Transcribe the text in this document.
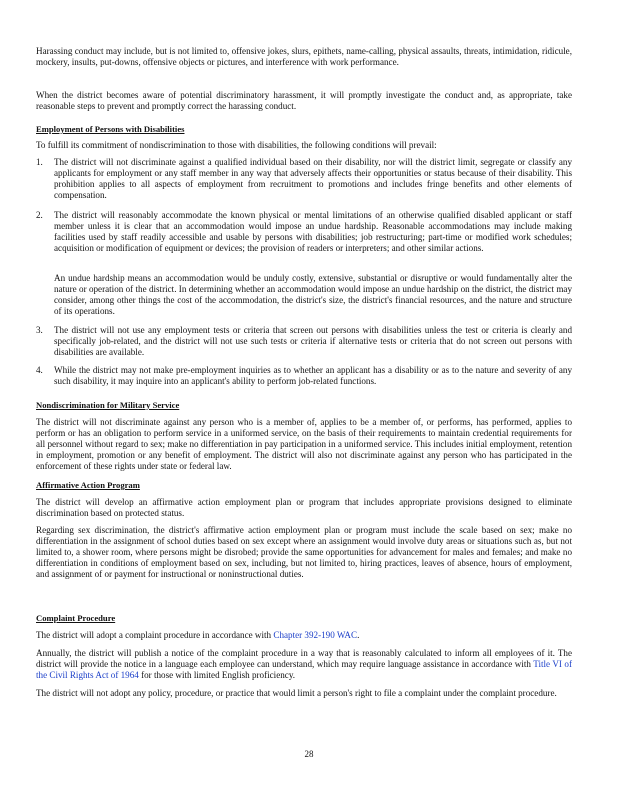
Harassing conduct may include, but is not limited to, offensive jokes, slurs, epithets, name-calling, physical assaults, threats, intimidation, ridicule, mockery, insults, put-downs, offensive objects or pictures, and interference with work performance.

When the district becomes aware of potential discriminatory harassment, it will promptly investigate the conduct and, as appropriate, take reasonable steps to prevent and promptly correct the harassing conduct.

Employment of Persons with Disabilities

To fulfill its commitment of nondiscrimination to those with disabilities, the following conditions will prevail:

1.	The district will not discriminate against a qualified individual based on their disability, nor will the district limit, segregate or classify any applicants for employment or any staff member in any way that adversely affects their opportunities or status because of their disability. This prohibition applies to all aspects of employment from recruitment to promotions and includes fringe benefits and other elements of compensation.

2.	The district will reasonably accommodate the known physical or mental limitations of an otherwise qualified disabled applicant or staff member unless it is clear that an accommodation would impose an undue hardship. Reasonable accommodations may include making facilities used by staff readily accessible and usable by persons with disabilities; job restructuring; part-time or modified work schedules; acquisition or modification of equipment or devices; the provision of readers or interpreters; and other similar actions.

An undue hardship means an accommodation would be unduly costly, extensive, substantial or disruptive or would fundamentally alter the nature or operation of the district. In determining whether an accommodation would impose an undue hardship on the district, the district may consider, among other things the cost of the accommodation, the district's size, the district's financial resources, and the nature and structure of its operations.

3.	The district will not use any employment tests or criteria that screen out persons with disabilities unless the test or criteria is clearly and specifically job-related, and the district will not use such tests or criteria if alternative tests or criteria that do not screen out persons with disabilities are available.

4.	While the district may not make pre-employment inquiries as to whether an applicant has a disability or as to the nature and severity of any such disability, it may inquire into an applicant's ability to perform job-related functions.

Nondiscrimination for Military Service

The district will not discriminate against any person who is a member of, applies to be a member of, or performs, has performed, applies to perform or has an obligation to perform service in a uniformed service, on the basis of their requirements to maintain credential requirements for all personnel without regard to sex; make no differentiation in pay participation in a uniformed service. This includes initial employment, retention in employment, promotion or any benefit of employment. The district will also not discriminate against any person who has participated in the enforcement of these rights under state or federal law.

Affirmative Action Program

The district will develop an affirmative action employment plan or program that includes appropriate provisions designed to eliminate discrimination based on protected status.

Regarding sex discrimination, the district's affirmative action employment plan or program must include the scale based on sex; make no differentiation in the assignment of school duties based on sex except where an assignment would involve duty areas or situations such as, but not limited to, a shower room, where persons might be disrobed; provide the same opportunities for advancement for males and females; and make no differentiation in conditions of employment based on sex, including, but not limited to, hiring practices, leaves of absence, hours of employment, and assignment of or payment for instructional or noninstructional duties.

Complaint Procedure

The district will adopt a complaint procedure in accordance with Chapter 392-190 WAC.

Annually, the district will publish a notice of the complaint procedure in a way that is reasonably calculated to inform all employees of it. The district will provide the notice in a language each employee can understand, which may require language assistance in accordance with Title VI of the Civil Rights Act of 1964 for those with limited English proficiency.

The district will not adopt any policy, procedure, or practice that would limit a person's right to file a complaint under the complaint procedure.

28
